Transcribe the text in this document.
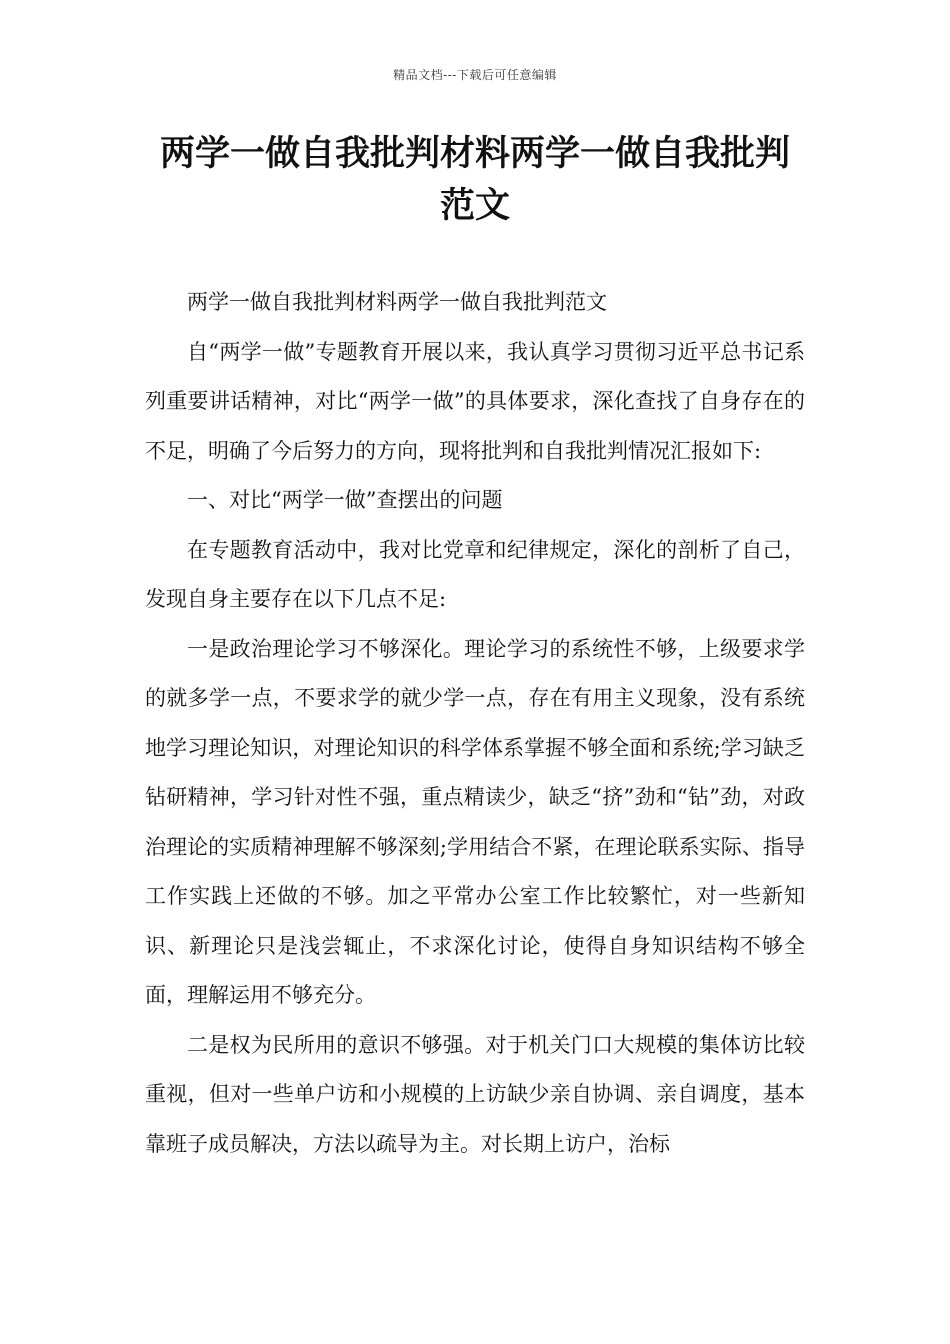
精品文档---下载后可任意编辑
两学一做自我批判材料两学一做自我批判范文

两学一做自我批判材料两学一做自我批判范文

自“两学一做”专题教育开展以来，我认真学习贯彻习近平总书记系列重要讲话精神，对比“两学一做”的具体要求，深化查找了自身存在的不足，明确了今后努力的方向，现将批判和自我批判情况汇报如下:

一、对比“两学一做”查摆出的问题

在专题教育活动中，我对比党章和纪律规定，深化的剖析了自己，发现自身主要存在以下几点不足:

一是政治理论学习不够深化。理论学习的系统性不够，上级要求学的就多学一点，不要求学的就少学一点，存在有用主义现象，没有系统地学习理论知识，对理论知识的科学体系掌握不够全面和系统;学习缺乏钻研精神，学习针对性不强，重点精读少，缺乏“挤”劲和“钻”劲，对政治理论的实质精神理解不够深刻;学用结合不紧，在理论联系实际、指导工作实践上还做的不够。加之平常办公室工作比较繁忙，对一些新知识、新理论只是浅尝辄止，不求深化讨论，使得自身知识结构不够全面，理解运用不够充分。

二是权为民所用的意识不够强。对于机关门口大规模的集体访比较重视，但对一些单户访和小规模的上访缺少亲自协调、亲自调度，基本靠班子成员解决，方法以疏导为主。对长期上访户，治标
